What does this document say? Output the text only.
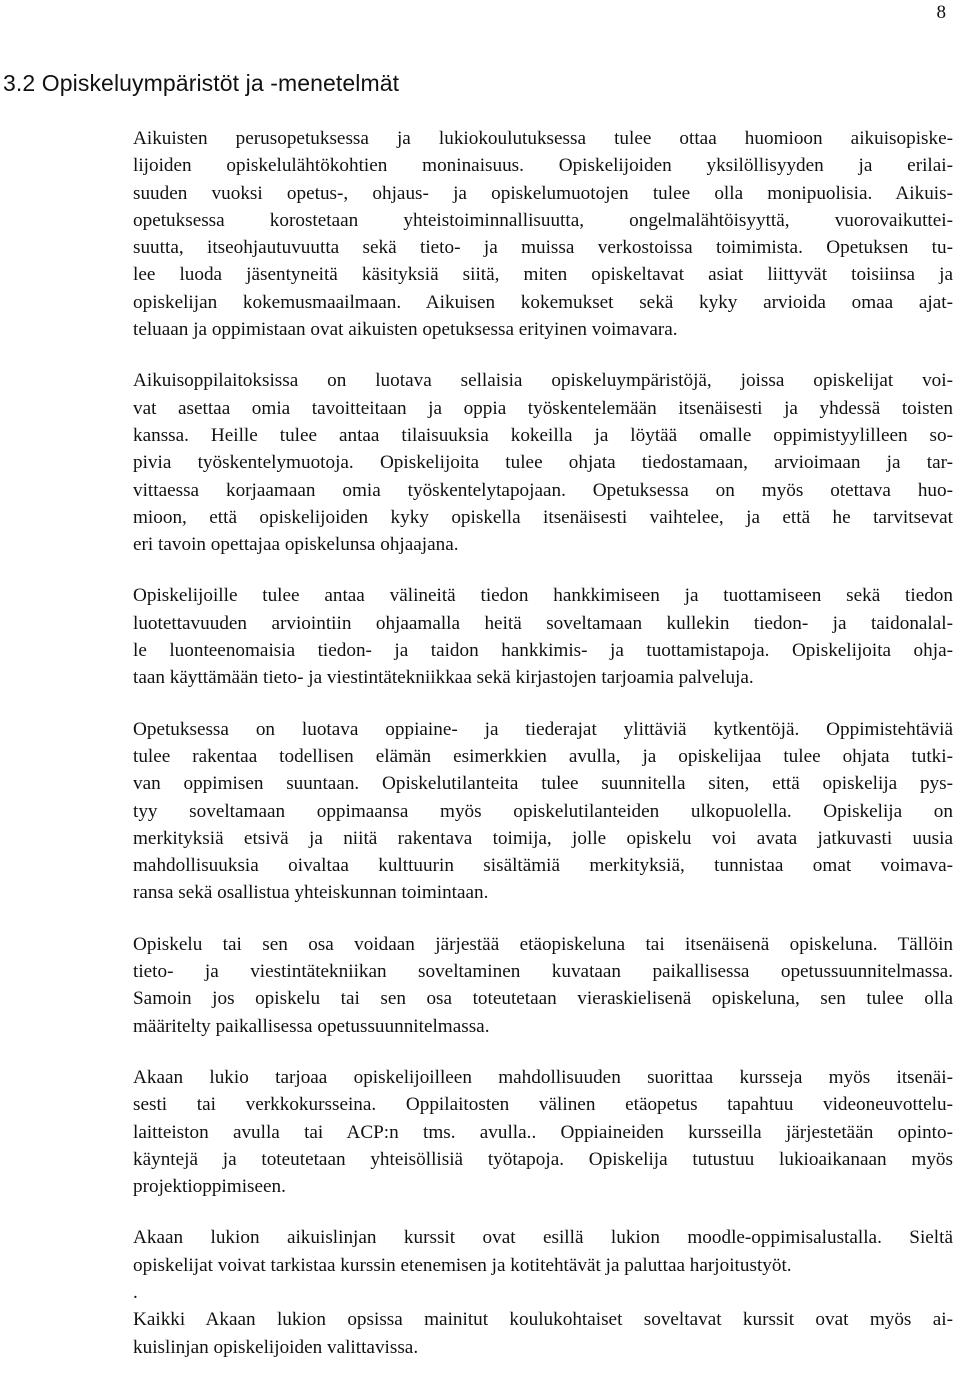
8
3.2 Opiskeluympäristöt ja -menetelmät

Aikuisten perusopetuksessa ja lukiokoulutuksessa tulee ottaa huomioon aikuisopiske-
lijoiden opiskelulähtökohtien moninaisuus. Opiskelijoiden yksilöllisyyden ja erilai-
suuden vuoksi opetus-, ohjaus- ja opiskelumuotojen tulee olla monipuolisia. Aikuis-
opetuksessa korostetaan yhteistoiminnallisuutta, ongelmalähtöisyyttä, vuorovaikuttei-
suutta, itseohjautuvuutta sekä tieto- ja muissa verkostoissa toimimista. Opetuksen tu-
lee luoda jäsentyneitä käsityksiä siitä, miten opiskeltavat asiat liittyvät toisiinsa ja
opiskelijan kokemusmaailmaan. Aikuisen kokemukset sekä kyky arvioida omaa ajat-
teluaan ja oppimistaan ovat aikuisten opetuksessa erityinen voimavara.

Aikuisoppilaitoksissa on luotava sellaisia opiskeluympäristöjä, joissa opiskelijat voi-
vat asettaa omia tavoitteitaan ja oppia työskentelemään itsenäisesti ja yhdessä toisten
kanssa. Heille tulee antaa tilaisuuksia kokeilla ja löytää omalle oppimistyylilleen so-
pivia työskentelymuotoja. Opiskelijoita tulee ohjata tiedostamaan, arvioimaan ja tar-
vittaessa korjaamaan omia työskentelytapojaan. Opetuksessa on myös otettava huo-
mioon, että opiskelijoiden kyky opiskella itsenäisesti vaihtelee, ja että he tarvitsevat
eri tavoin opettajaa opiskelunsa ohjaajana.

Opiskelijoille tulee antaa välineitä tiedon hankkimiseen ja tuottamiseen sekä tiedon
luotettavuuden arviointiin ohjaamalla heitä soveltamaan kullekin tiedon- ja taidonalal-
le luonteenomaisia tiedon- ja taidon hankkimis- ja tuottamistapoja. Opiskelijoita ohja-
taan käyttämään tieto- ja viestintätekniikkaa sekä kirjastojen tarjoamia palveluja.

Opetuksessa on luotava oppiaine- ja tiederajat ylittäviä kytkentöjä. Oppimistehtäviä
tulee rakentaa todellisen elämän esimerkkien avulla, ja opiskelijaa tulee ohjata tutki-
van oppimisen suuntaan. Opiskelutilanteita tulee suunnitella siten, että opiskelija pys-
tyy soveltamaan oppimaansa myös opiskelutilanteiden ulkopuolella. Opiskelija on
merkityksiä etsivä ja niitä rakentava toimija, jolle opiskelu voi avata jatkuvasti uusia
mahdollisuuksia oivaltaa kulttuurin sisältämiä merkityksiä, tunnistaa omat voimava-
ransa sekä osallistua yhteiskunnan toimintaan.

Opiskelu tai sen osa voidaan järjestää etäopiskeluna tai itsenäisenä opiskeluna. Tällöin
tieto- ja viestintätekniikan soveltaminen kuvataan paikallisessa opetussuunnitelmassa.
Samoin jos opiskelu tai sen osa toteutetaan vieraskielisenä opiskeluna, sen tulee olla
määritelty paikallisessa opetussuunnitelmassa.

Akaan lukio tarjoaa opiskelijoilleen mahdollisuuden suorittaa kursseja myös itsenäi-
sesti tai verkkokursseina. Oppilaitosten välinen etäopetus tapahtuu videoneuvottelu-
laitteiston avulla tai ACP:n tms. avulla.. Oppiaineiden kursseilla järjestetään opinto-
käyntejä ja toteutetaan yhteisöllisiä työtapoja. Opiskelija tutustuu lukioaikanaan myös
projektioppimiseen.

Akaan lukion aikuislinjan kurssit ovat esillä lukion moodle-oppimisalustalla. Sieltä
opiskelijat voivat tarkistaa kurssin etenemisen ja kotitehtävät ja paluttaa harjoitustyöt.
.
Kaikki Akaan lukion opsissa mainitut koulukohtaiset soveltavat kurssit ovat myös ai-
kuislinjan opiskelijoiden valittavissa.
